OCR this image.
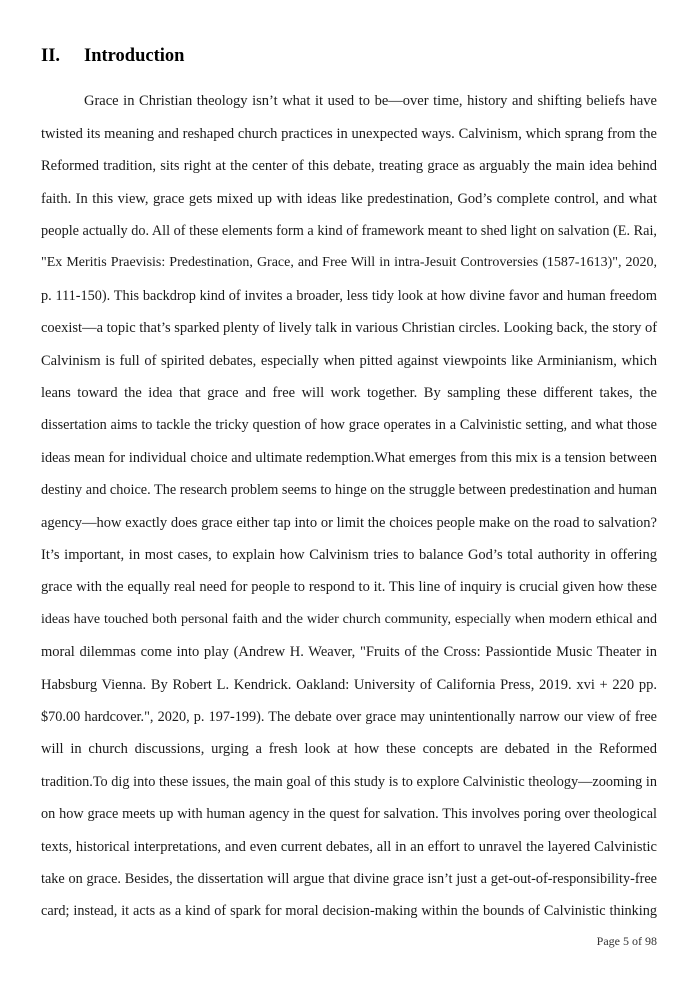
II. Introduction
Grace in Christian theology isn’t what it used to be—over time, history and shifting beliefs have
twisted its meaning and reshaped church practices in unexpected ways. Calvinism, which sprang from the
Reformed tradition, sits right at the center of this debate, treating grace as arguably the main idea behind
faith. In this view, grace gets mixed up with ideas like predestination, God’s complete control, and what
people actually do. All of these elements form a kind of framework meant to shed light on salvation (E. Rai,
"Ex Meritis Praevisis: Predestination, Grace, and Free Will in intra-Jesuit Controversies (1587-1613)", 2020,
p. 111-150). This backdrop kind of invites a broader, less tidy look at how divine favor and human freedom
coexist—a topic that’s sparked plenty of lively talk in various Christian circles. Looking back, the story of
Calvinism is full of spirited debates, especially when pitted against viewpoints like Arminianism, which
leans toward the idea that grace and free will work together. By sampling these different takes, the
dissertation aims to tackle the tricky question of how grace operates in a Calvinistic setting, and what those
ideas mean for individual choice and ultimate redemption.What emerges from this mix is a tension between
destiny and choice. The research problem seems to hinge on the struggle between predestination and human
agency—how exactly does grace either tap into or limit the choices people make on the road to salvation?
It’s important, in most cases, to explain how Calvinism tries to balance God’s total authority in offering
grace with the equally real need for people to respond to it. This line of inquiry is crucial given how these
ideas have touched both personal faith and the wider church community, especially when modern ethical and
moral dilemmas come into play (Andrew H. Weaver, "Fruits of the Cross: Passiontide Music Theater in
Habsburg Vienna. By Robert L. Kendrick. Oakland: University of California Press, 2019. xvi + 220 pp.
$70.00 hardcover.", 2020, p. 197-199). The debate over grace may unintentionally narrow our view of free
will in church discussions, urging a fresh look at how these concepts are debated in the Reformed
tradition.To dig into these issues, the main goal of this study is to explore Calvinistic theology—zooming in
on how grace meets up with human agency in the quest for salvation. This involves poring over theological
texts, historical interpretations, and even current debates, all in an effort to unravel the layered Calvinistic
take on grace. Besides, the dissertation will argue that divine grace isn’t just a get-out-of-responsibility-free
card; instead, it acts as a kind of spark for moral decision-making within the bounds of Calvinistic thinking
Page 5 of 98
